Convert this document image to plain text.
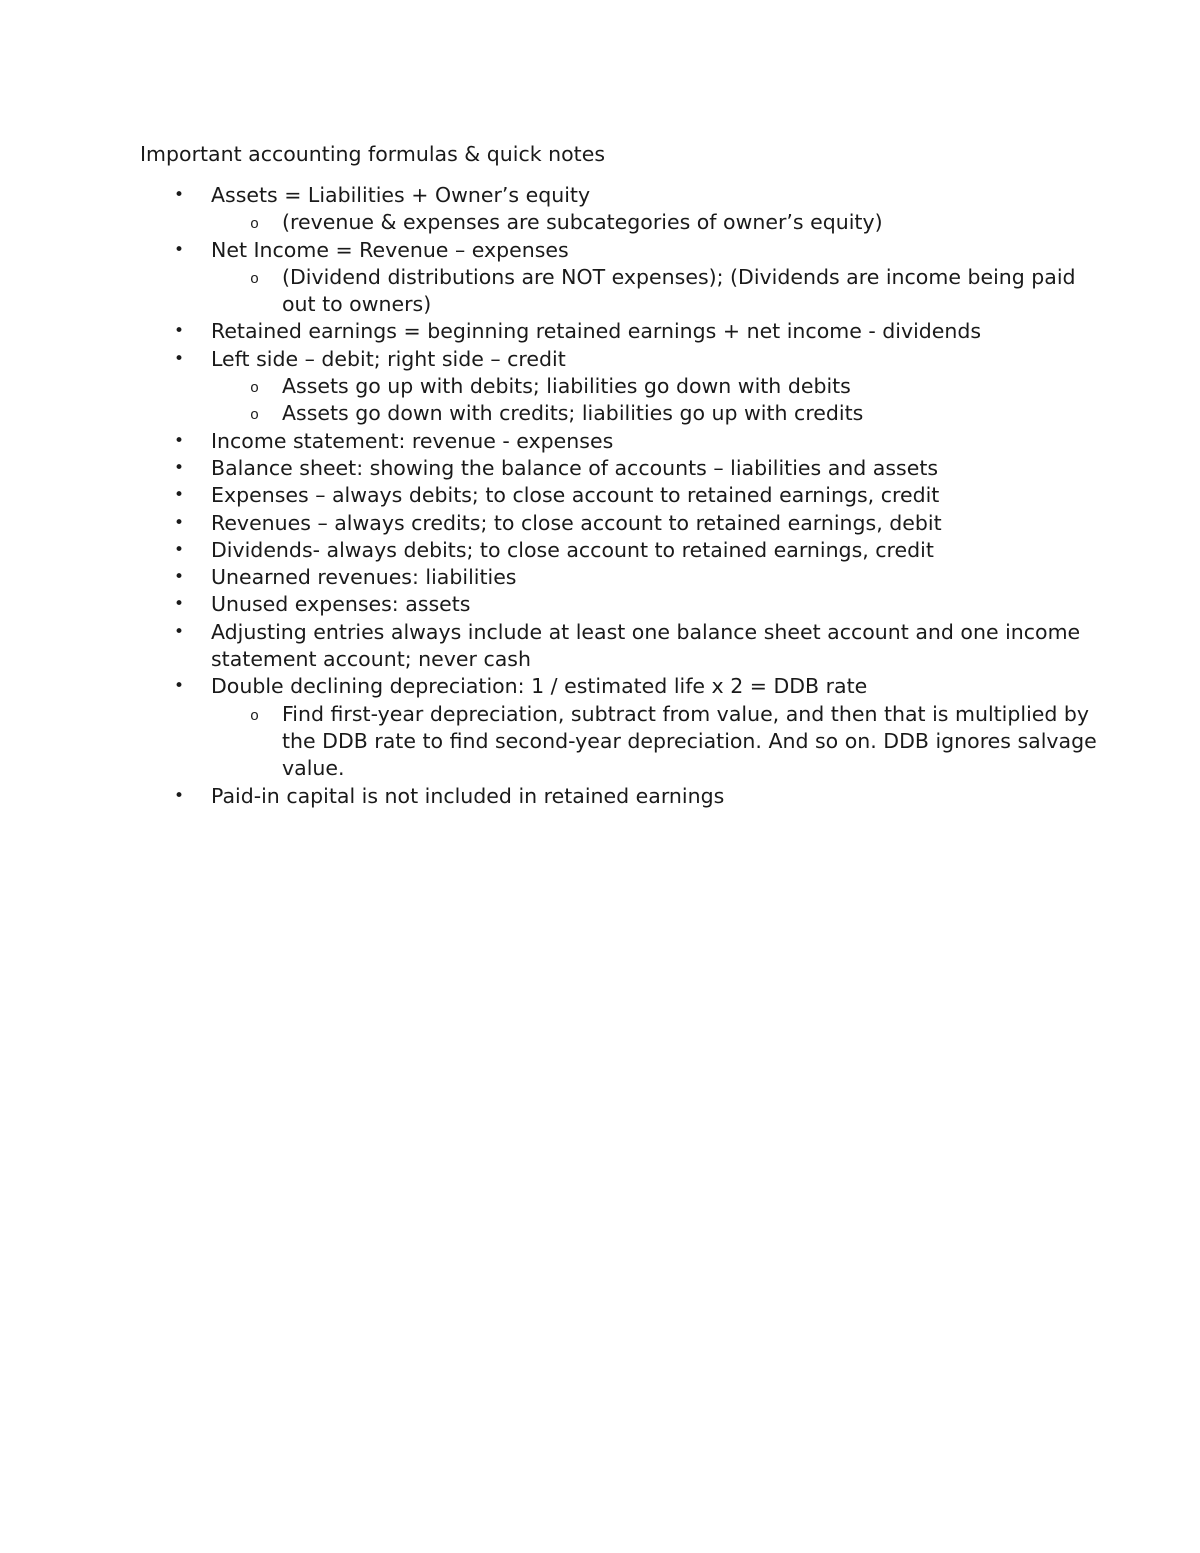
Important accounting formulas & quick notes
• Assets = Liabilities + Owner’s equity
o (revenue & expenses are subcategories of owner’s equity)
• Net Income = Revenue – expenses
o (Dividend distributions are NOT expenses); (Dividends are income being paid out to owners)
• Retained earnings = beginning retained earnings + net income - dividends
• Left side – debit; right side – credit
o Assets go up with debits; liabilities go down with debits
o Assets go down with credits; liabilities go up with credits
• Income statement: revenue - expenses
• Balance sheet: showing the balance of accounts – liabilities and assets
• Expenses – always debits; to close account to retained earnings, credit
• Revenues – always credits; to close account to retained earnings, debit
• Dividends- always debits; to close account to retained earnings, credit
• Unearned revenues: liabilities
• Unused expenses: assets
• Adjusting entries always include at least one balance sheet account and one income statement account; never cash
• Double declining depreciation: 1 / estimated life x 2 = DDB rate
o Find first-year depreciation, subtract from value, and then that is multiplied by the DDB rate to find second-year depreciation. And so on. DDB ignores salvage value.
• Paid-in capital is not included in retained earnings
